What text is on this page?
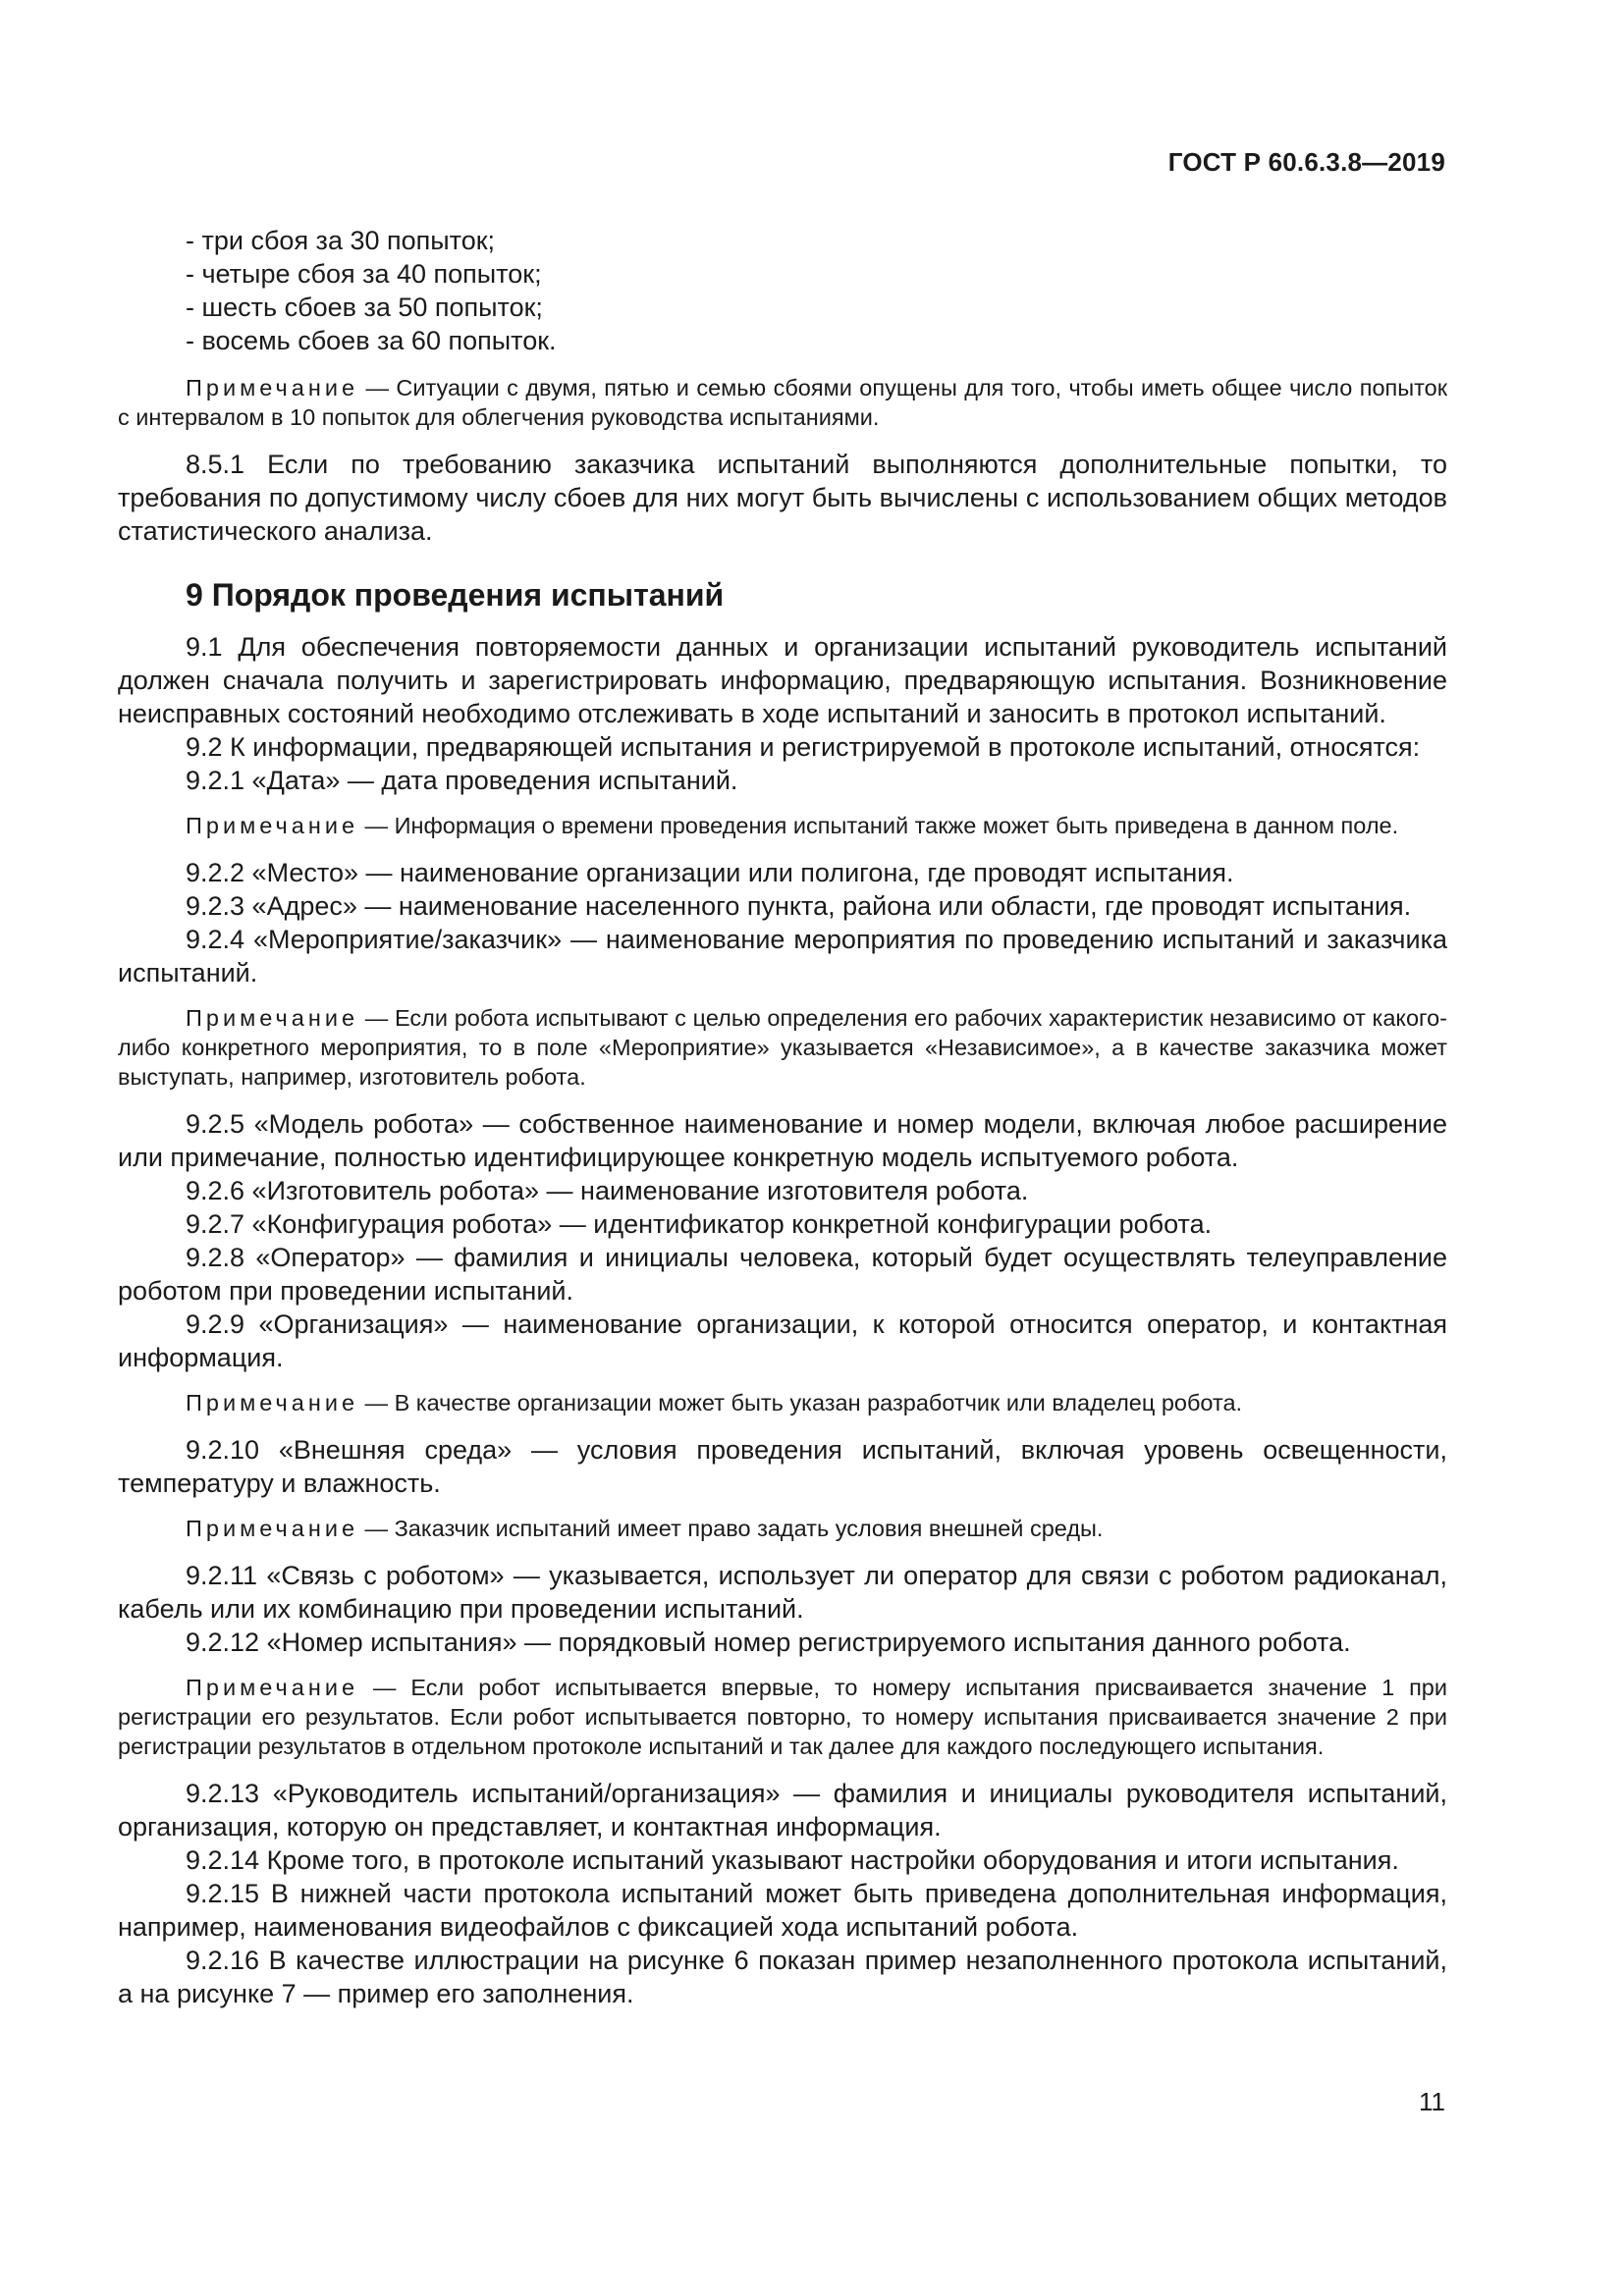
ГОСТ Р 60.6.3.8—2019
- три сбоя за 30 попыток;
- четыре сбоя за 40 попыток;
- шесть сбоев за 50 попыток;
- восемь сбоев за 60 попыток.

Примечание — Ситуации с двумя, пятью и семью сбоями опущены для того, чтобы иметь общее число попыток с интервалом в 10 попыток для облегчения руководства испытаниями.

8.5.1 Если по требованию заказчика испытаний выполняются дополнительные попытки, то требования по допустимому числу сбоев для них могут быть вычислены с использованием общих методов статистического анализа.

9 Порядок проведения испытаний

9.1 Для обеспечения повторяемости данных и организации испытаний руководитель испытаний должен сначала получить и зарегистрировать информацию, предваряющую испытания. Возникновение неисправных состояний необходимо отслеживать в ходе испытаний и заносить в протокол испытаний.

9.2 К информации, предваряющей испытания и регистрируемой в протоколе испытаний, относятся:

9.2.1 «Дата» — дата проведения испытаний.

Примечание — Информация о времени проведения испытаний также может быть приведена в данном поле.

9.2.2 «Место» — наименование организации или полигона, где проводят испытания.

9.2.3 «Адрес» — наименование населенного пункта, района или области, где проводят испытания.

9.2.4 «Мероприятие/заказчик» — наименование мероприятия по проведению испытаний и заказчика испытаний.

Примечание — Если робота испытывают с целью определения его рабочих характеристик независимо от какого-либо конкретного мероприятия, то в поле «Мероприятие» указывается «Независимое», а в качестве заказчика может выступать, например, изготовитель робота.

9.2.5 «Модель робота» — собственное наименование и номер модели, включая любое расширение или примечание, полностью идентифицирующее конкретную модель испытуемого робота.

9.2.6 «Изготовитель робота» — наименование изготовителя робота.

9.2.7 «Конфигурация робота» — идентификатор конкретной конфигурации робота.

9.2.8 «Оператор» — фамилия и инициалы человека, который будет осуществлять телеуправление роботом при проведении испытаний.

9.2.9 «Организация» — наименование организации, к которой относится оператор, и контактная информация.

Примечание — В качестве организации может быть указан разработчик или владелец робота.

9.2.10 «Внешняя среда» — условия проведения испытаний, включая уровень освещенности, температуру и влажность.

Примечание — Заказчик испытаний имеет право задать условия внешней среды.

9.2.11 «Связь с роботом» — указывается, использует ли оператор для связи с роботом радиоканал, кабель или их комбинацию при проведении испытаний.

9.2.12 «Номер испытания» — порядковый номер регистрируемого испытания данного робота.

Примечание — Если робот испытывается впервые, то номеру испытания присваивается значение 1 при регистрации его результатов. Если робот испытывается повторно, то номеру испытания присваивается значение 2 при регистрации результатов в отдельном протоколе испытаний и так далее для каждого последующего испытания.

9.2.13 «Руководитель испытаний/организация» — фамилия и инициалы руководителя испытаний, организация, которую он представляет, и контактная информация.

9.2.14 Кроме того, в протоколе испытаний указывают настройки оборудования и итоги испытания.

9.2.15 В нижней части протокола испытаний может быть приведена дополнительная информация, например, наименования видеофайлов с фиксацией хода испытаний робота.

9.2.16 В качестве иллюстрации на рисунке 6 показан пример незаполненного протокола испытаний, а на рисунке 7 — пример его заполнения.

11
